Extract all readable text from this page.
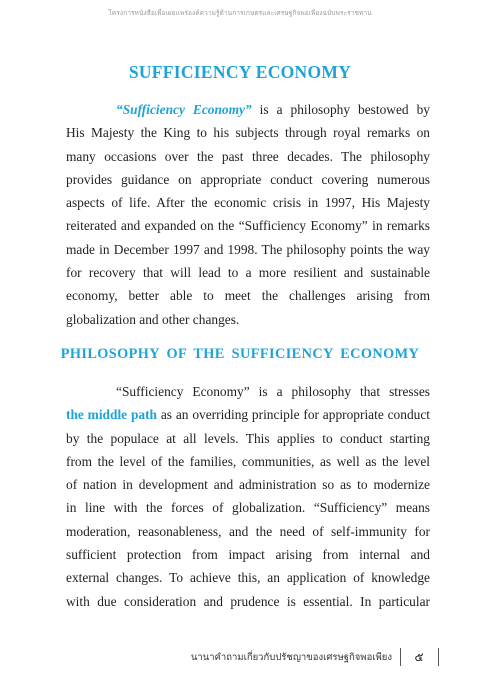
โครงการหนังสือเพื่อเผยแพร่องค์ความรู้ด้านการเกษตรและเศรษฐกิจพอเพียงฉบับพระราชทาน
SUFFICIENCY ECONOMY
“Sufficiency Economy” is a philosophy bestowed by
His Majesty the King to his subjects through royal remarks on
many occasions over the past three decades. The philosophy
provides guidance on appropriate conduct covering numerous
aspects of life. After the economic crisis in 1997, His Majesty
reiterated and expanded on the “Sufficiency Economy” in remarks
made in December 1997 and 1998. The philosophy points the way
for recovery that will lead to a more resilient and sustainable
economy, better able to meet the challenges arising from
globalization and other changes.
PHILOSOPHY OF THE SUFFICIENCY ECONOMY
“Sufficiency Economy” is a philosophy that stresses
the middle path as an overriding principle for appropriate conduct
by the populace at all levels. This applies to conduct starting
from the level of the families, communities, as well as the level
of nation in development and administration so as to modernize
in line with the forces of globalization. “Sufficiency” means
moderation, reasonableness, and the need of self-immunity for
sufficient protection from impact arising from internal and
external changes. To achieve this, an application of knowledge
with due consideration and prudence is essential. In particular
นานาคำถามเกี่ยวกับปรัชญาของเศรษฐกิจพอเพียง	๕
